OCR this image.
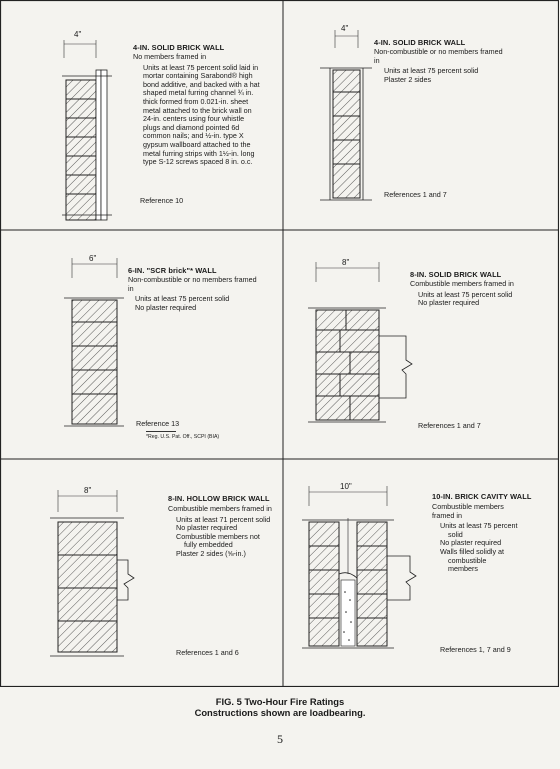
4"
4-IN. SOLID BRICK WALL
No members framed in
Units at least 75 percent solid laid in
mortar containing Sarabond® high
bond additive, and backed with a hat
shaped metal furring channel ¾ in.
thick formed from 0.021-in. sheet
metal attached to the brick wall on
24-in. centers using four whistle
plugs and diamond pointed 6d
common nails; and ½-in. type X
gypsum wallboard attached to the
metal furring strips with 1½-in. long
type S-12 screws spaced 8 in. o.c.
Reference 10
4"
4-IN. SOLID BRICK WALL
Non-combustible or no members framed
in
Units at least 75 percent solid
Plaster 2 sides
References 1 and 7
6"
6-IN. "SCR brick"* WALL
Non-combustible or no members framed
in
Units at least 75 percent solid
No plaster required
Reference 13
*Reg. U.S. Pat. Off., SCPI (BIA)
8"
8-IN. SOLID BRICK WALL
Combustible members framed in
Units at least 75 percent solid
No plaster required
References 1 and 7
8"
8-IN. HOLLOW BRICK WALL
Combustible members framed in
Units at least 71 percent solid
No plaster required
Combustible members not
fully embedded
Plaster 2 sides (⅝-in.)
References 1 and 6
10"
10-IN. BRICK CAVITY WALL
Combustible members
framed in
Units at least 75 percent
solid
No plaster required
Walls filled solidly at
combustible
members
References 1, 7 and 9
FIG. 5 Two-Hour Fire Ratings
Constructions shown are loadbearing.
5
